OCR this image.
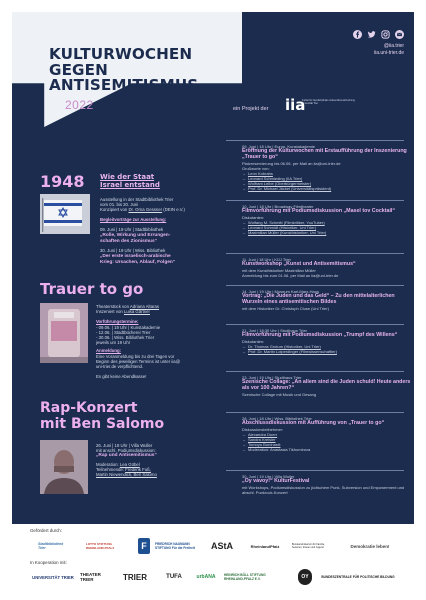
KULTURWOCHEN
GEGEN ANTISEMITISMUS
2022
@iia.trier
iia.uni-trier.de
ein Projekt der iia
Institut für interdisziplinäre Antisemitismusforschung Universität Trier
1948 Wie der Staat
Israel entstand
Ausstellung in der Stadtbibliothek Trier
vom 01. bis 20. Juni
Konzipiert von Dr. Orna Gessner (DEIN e.V.)
Begleitvorträge zur Ausstellung:
09. Juni | 19 Uhr | Stadtbibliothek
„Rolle, Wirkung und Errungen-
schaften des Zionismus“
30. Juni | 19 Uhr | Wiss. Bibliothek
„Der erste israelisch-arabische
Krieg: Ursachen, Ablauf, Folgen“
Trauer to go
Theaterstück von Adriana Altaras
Inszeniert von Luisa Gärtner
Vorführungstermine:
- 09.06. | 19 Uhr | Kunstakademie
- 12.06. | Stadtbücherei Trier
- 30.06. | Wiss. Bibliothek Trier
jeweils um 19 Uhr
Anmeldung:
Eine Voranmeldung bis zu drei Tagen vor
Beginn des jeweiligen Termins ist unter iia@
uni-trier.de verpflichtend.
Es gibt keine Abendkasse!
Rap-Konzert
mit Ben Salomo
26. Juni | 18 Uhr | Villa Wuller
mit anschl. Podiumsdiskussion:
„Rap und Antisemitismus“
Moderation: Lea Göbel
Teilnehmende: Frederik Fuß,
Martin Niewendick, Ben Salomo
09. Juni | 18 Uhr | Europ. Kunstakademie
Eröffnung der Kulturwochen mit Erstaufführung der Inszenierung „Trauer to go“
Platzreservierung bis 06.06. per Mail an iia@uni-trier.de
Grußworte von:
– Leon Kobrahs
– Leonard Schmieding (IIA Trier)
– Wolfram Leibe (Oberbürgermeister)
– Prof. Dr. Michael Jäckel (Universitätspräsident)
10. Juni | 18 Uhr | Broadway Filmtheater
Filmvorführung mit Podiumsdiskussion „Masel tov Cocktail“
Diskutanten:
– Wolfang M. Schmitt (Filmkritiker, YouTuber)
– Leonard Schmidt (Historiker, Uni Trier)
– Maximilian Müller (Kunsthistoriker, Uni Trier)
11. Juni | 18 Uhr | KÜJ Trier
Kunstworkshop „Kunst und Antisemitismus“
mit dem Kunsthistoriker Maximilian Müller
Anmeldung bis zum 01.06. per Mail an iia@uni-trier.de
14. Juni | 19 Uhr | Museum Karl-Marx-Haus
Vortrag: „Die Juden und das Geld“ – Zu den mittelalterlichen Wurzeln eines antisemitischen Bildes
mit dem Historiker Dr. Christoph Cluse (Uni Trier)
21. Juni | 18:30 Uhr | Studihaus Trier
Filmvorführung mit Podiumsdiskussion „Trumpf des Willens“
Diskutanten:
– Dr. Thomas Grotum (Historiker, Uni Trier)
– Prof. Dr. Martin Loiperdinger (Filmwissenschaftler)
23. Juni | 19 Uhr | Studihaus Trier
Szenische Collage: „An allem sind die Juden schuld! Heute anders als vor 100 Jahren?“
Szenische Collage mit Musik und Gesang
28. Juni | 18 Uhr | Wiss. Bibliothek Trier
Abschlussdiskussion mit Aufführung von „Trauer to go“
Diskussionsteilnehmer:
– Alexandra Duerr
– Sandra Kreisler
– Tomoyo Burchardt
– Moderation: Anastasia Tikhomirova
30. Juni | 19 Uhr | Villa Wuller
„Oy vavoy!“ KulturFestival
mit Workshops, Podiumsdiskussion zu jüdischem Punk, Subversion und Empowerment und abschl. Punkrock-Konzert
Gefördert durch:
Stadtbibliothek Trier
LOTTO STIFTUNG RHEINLAND-PFALZ	F	FRIEDRICH NAUMANN STIFTUNG Für die Freiheit	AStA	RheinlandPfalz	Bundesministerium für Familie, Senioren, Frauen und Jugend	Demokratie leben!
In Kooperation mit:
UNIVERSITÄT TRIER THEATER TRIER	TRIER	TUFA	urbANA	HEINRICH BÖLL STIFTUNG RHEINLAND-PFALZ E.V.	OY	BUNDESZENTRALE FÜR POLITISCHE BILDUNG
